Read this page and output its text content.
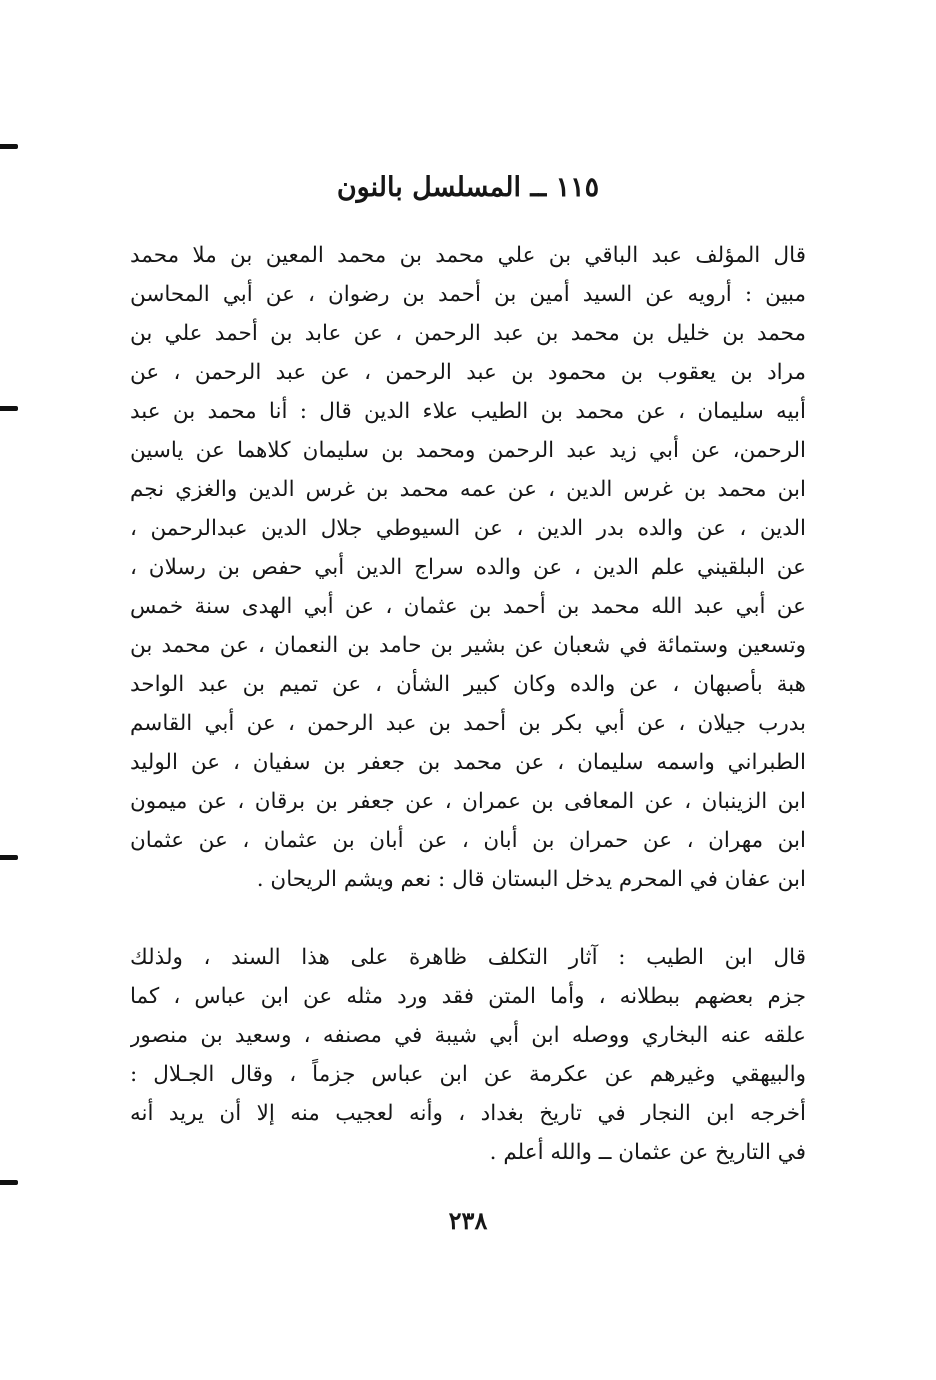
١١٥ ــ المسلسل بالنون
قال المؤلف عبد الباقي بن علي محمد بن محمد المعين بن ملا محمد
مبين : أرويه عن السيد أمين بن أحمد بن رضوان ، عن أبي المحاسن
محمد بن خليل بن محمد بن عبد الرحمن ، عن عابد بن أحمد علي بن
مراد بن يعقوب بن محمود بن عبد الرحمن ، عن عبد الرحمن ، عن
أبيه سليمان ، عن محمد بن الطيب علاء الدين قال : أنا محمد بن عبد
الرحمن، عن أبي زيد عبد الرحمن ومحمد بن سليمان كلاهما عن ياسين
ابن محمد بن غرس الدين ، عن عمه محمد بن غرس الدين والغزي نجم
الدين ، عن والده بدر الدين ، عن السيوطي جلال الدين عبدالرحمن ،
عن البلقيني علم الدين ، عن والده سراج الدين أبي حفص بن رسلان ،
عن أبي عبد الله محمد بن أحمد بن عثمان ، عن أبي الهدى سنة خمس
وتسعين وستمائة في شعبان عن بشير بن حامد بن النعمان ، عن محمد بن
هبة بأصبهان ، عن والده وكان كبير الشأن ، عن تميم بن عبد الواحد
بدرب جيلان ، عن أبي بكر بن أحمد بن عبد الرحمن ، عن أبي القاسم
الطبراني واسمه سليمان ، عن محمد بن جعفر بن سفيان ، عن الوليد
ابن الزينبان ، عن المعافى بن عمران ، عن جعفر بن برقان ، عن ميمون
ابن مهران ، عن حمران بن أبان ، عن أبان بن عثمان ، عن عثمان
ابن عفان في المحرم يدخل البستان قال : نعم ويشم الريحان .
قال ابن الطيب : آثار التكلف ظاهرة على هذا السند ، ولذلك
جزم بعضهم ببطلانه ، وأما المتن فقد ورد مثله عن ابن عباس ، كما
علقه عنه البخاري ووصله ابن أبي شيبة في مصنفه ، وسعيد بن منصور
والبيهقي وغيرهم عن عكرمة عن ابن عباس جزماً ، وقال الجـلال :
أخرجه ابن النجار في تاريخ بغداد ، وأنه لعجيب منه إلا أن يريد أنه
في التاريخ عن عثمان ــ والله أعلم .
٢٣٨
